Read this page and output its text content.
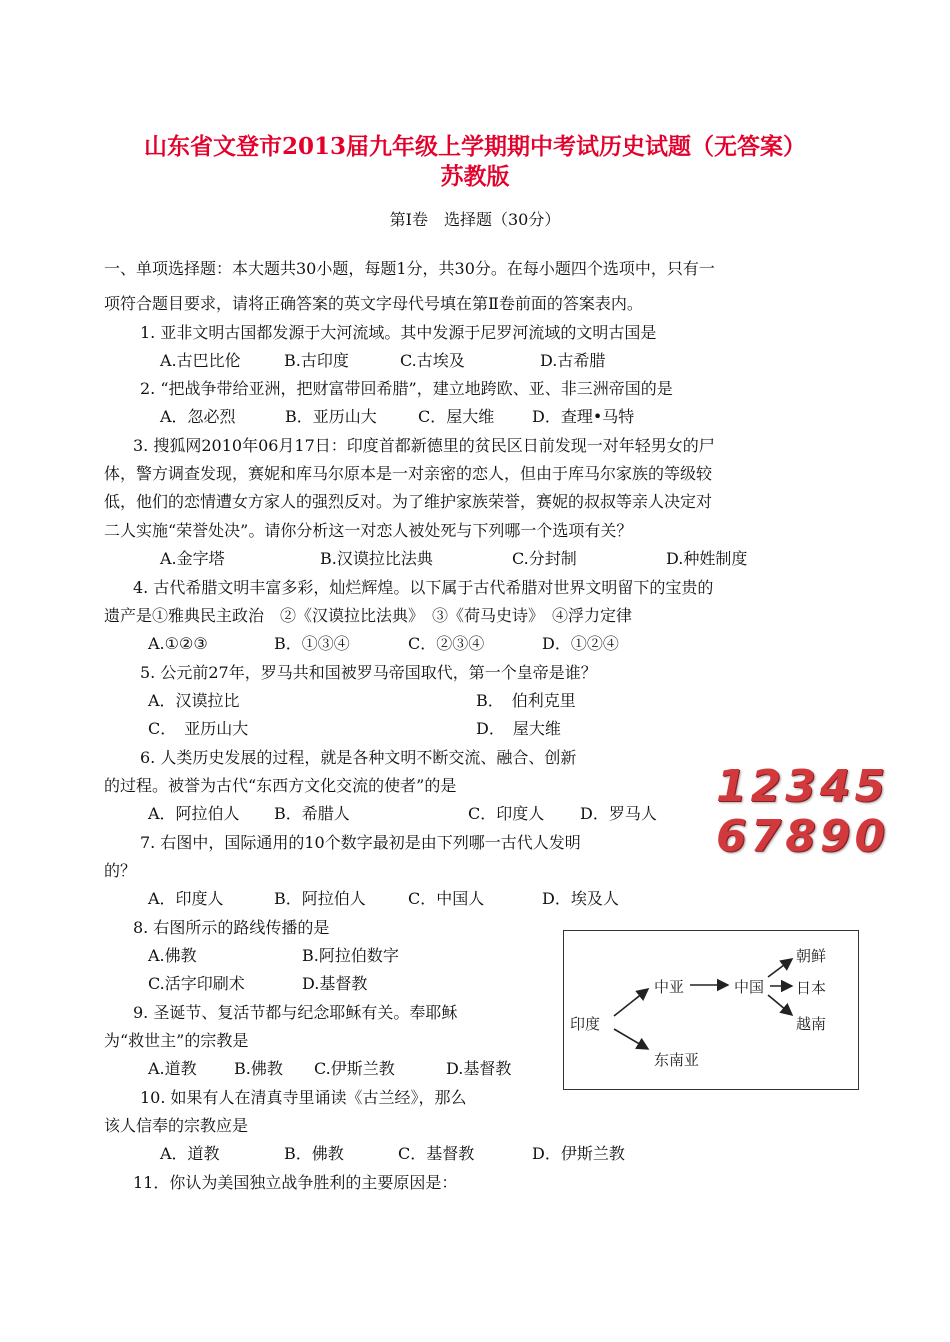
山东省文登市2013届九年级上学期期中考试历史试题（无答案）
苏教版
第Ⅰ卷　选择题（30分）
一、单项选择题：本大题共30小题，每题1分，共30分。在每小题四个选项中，只有一
项符合题目要求，请将正确答案的英文字母代号填在第Ⅱ卷前面的答案表内。
1. 亚非文明古国都发源于大河流域。其中发源于尼罗河流域的文明古国是
A.古巴比伦	B.古印度	C.古埃及	D.古希腊
2. “把战争带给亚洲，把财富带回希腊”，建立地跨欧、亚、非三洲帝国的是
A．忽必烈	B．亚历山大	C．屋大维 D．查理•马特
3. 搜狐网2010年06月17日：印度首都新德里的贫民区日前发现一对年轻男女的尸
体，警方调查发现，赛妮和库马尔原本是一对亲密的恋人，但由于库马尔家族的等级较
低，他们的恋情遭女方家人的强烈反对。为了维护家族荣誉，赛妮的叔叔等亲人决定对
二人实施“荣誉处决”。请你分析这一对恋人被处死与下列哪一个选项有关？
A.金字塔	B.汉谟拉比法典	C.分封制	D.种姓制度
4. 古代希腊文明丰富多彩，灿烂辉煌。以下属于古代希腊对世界文明留下的宝贵的
遗产是①雅典民主政治　②《汉谟拉比法典》　③《荷马史诗》　④浮力定律
A.①②③	B．①③④	C．②③④	D．①②④
5. 公元前27年，罗马共和国被罗马帝国取代，第一个皇帝是谁？
A．汉谟拉比	B．　伯利克里
C．　亚历山大	D．　屋大维
6. 人类历史发展的过程，就是各种文明不断交流、融合、创新
的过程。被誉为古代“东西方文化交流的使者”的是
A．阿拉伯人 B．希腊人	C．印度人 D．罗马人
7. 右图中，国际通用的10个数字最初是由下列哪一古代人发明
的？
A．印度人	B．阿拉伯人	C．中国人	D．埃及人
8. 右图所示的路线传播的是
A.佛教	B.阿拉伯数字
C.活字印刷术	D.基督教
9. 圣诞节、复活节都与纪念耶稣有关。奉耶稣
为“救世主”的宗教是
A.道教 B.佛教 C.伊斯兰教	D.基督教
10. 如果有人在清真寺里诵读《古兰经》，那么
该人信奉的宗教应是
A．道教	B．佛教	C．基督教	D．伊斯兰教
11．你认为美国独立战争胜利的主要原因是：
12345
67890
印度
中亚
东南亚
中国
朝鲜
日本
越南
